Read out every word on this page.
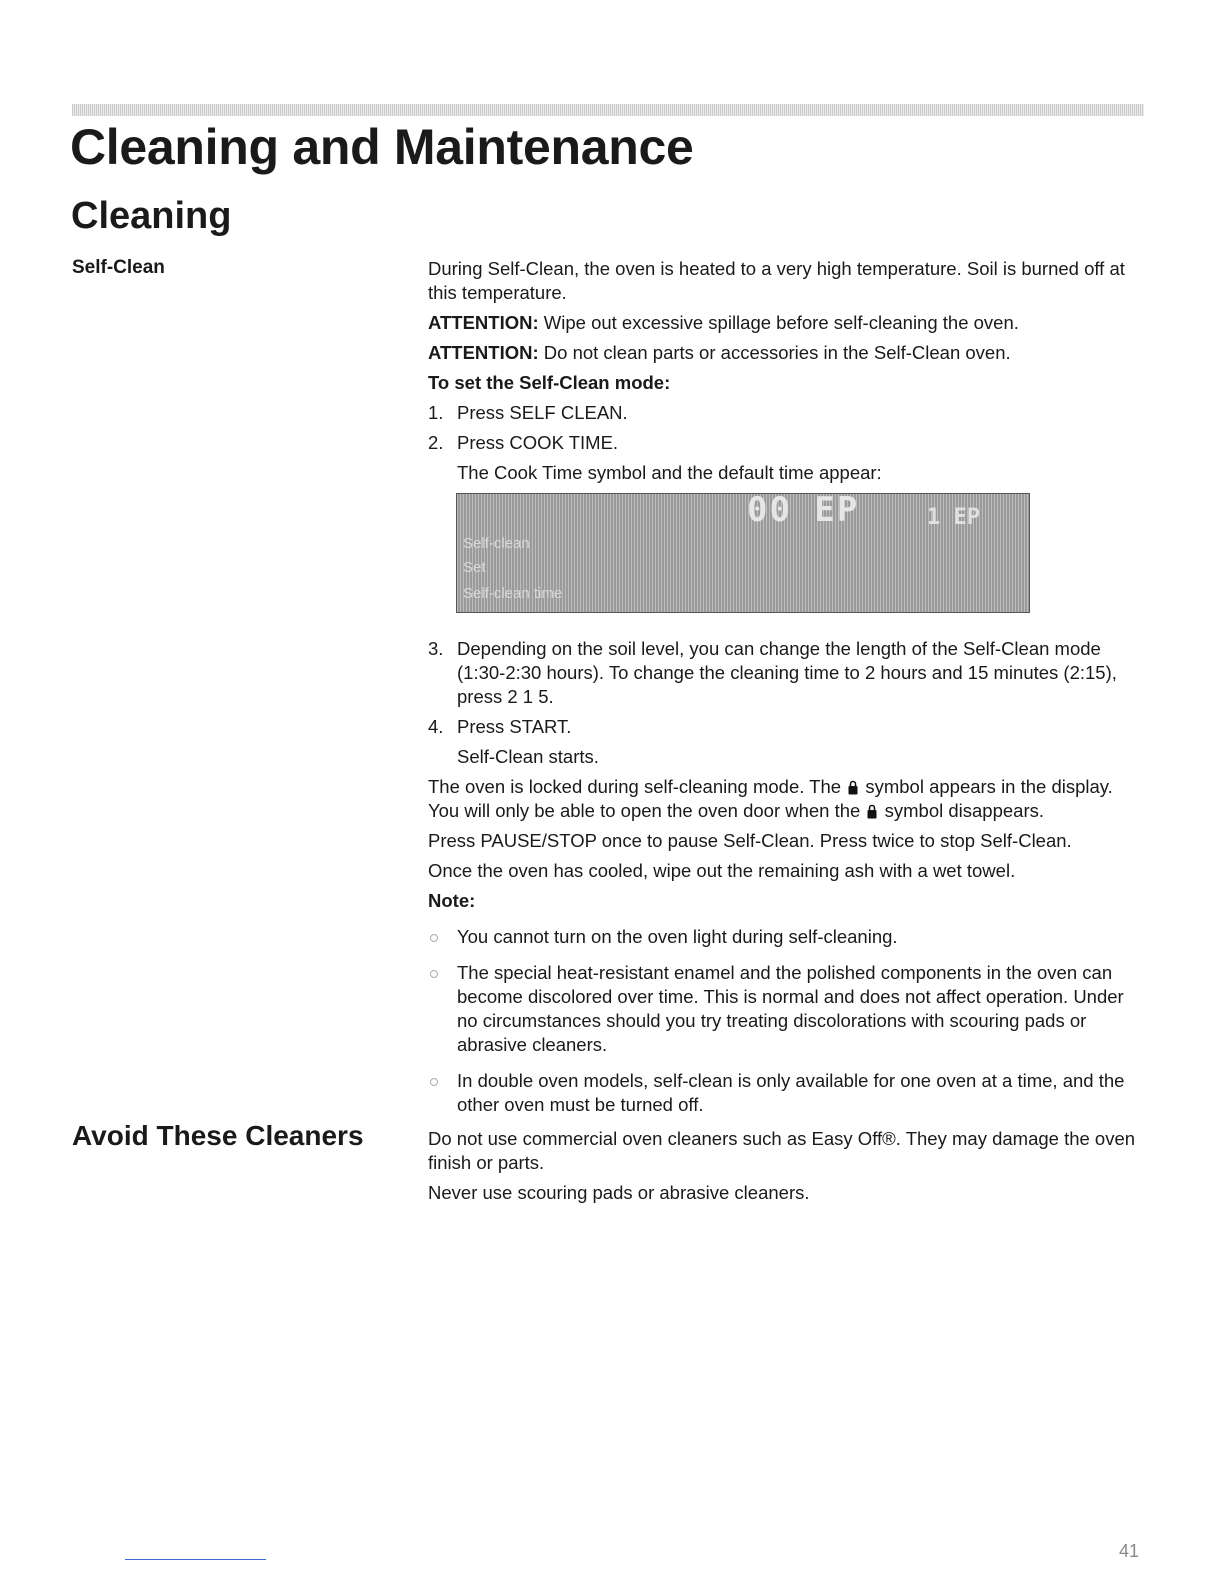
Cleaning and Maintenance
Cleaning
Self-Clean	During Self-Clean, the oven is heated to a very high temperature. Soil is burned off at this temperature.

ATTENTION: Wipe out excessive spillage before self-cleaning the oven.

ATTENTION: Do not clean parts or accessories in the Self-Clean oven.

To set the Self-Clean mode:

1. Press SELF CLEAN.
2. Press COOK TIME.
The Cook Time symbol and the default time appear:
00 EP	1 EP
Self-clean
Set
Self-clean time
3. Depending on the soil level, you can change the length of the Self-Clean mode (1:30-2:30 hours). To change the cleaning time to 2 hours and 15 minutes (2:15), press 2 1 5.
4. Press START.
Self-Clean starts.

The oven is locked during self-cleaning mode. The symbol appears in the display. You will only be able to open the oven door when the symbol disappears.

Press PAUSE/STOP once to pause Self-Clean. Press twice to stop Self-Clean.

Once the oven has cooled, wipe out the remaining ash with a wet towel.

Note:

You cannot turn on the oven light during self-cleaning.
The special heat-resistant enamel and the polished components in the oven can become discolored over time. This is normal and does not affect operation. Under no circumstances should you try treating discolorations with scouring pads or abrasive cleaners.
In double oven models, self-clean is only available for one oven at a time, and the other oven must be turned off.
Avoid These Cleaners	Do not use commercial oven cleaners such as Easy Off®. They may damage the oven finish or parts.

Never use scouring pads or abrasive cleaners.

41
